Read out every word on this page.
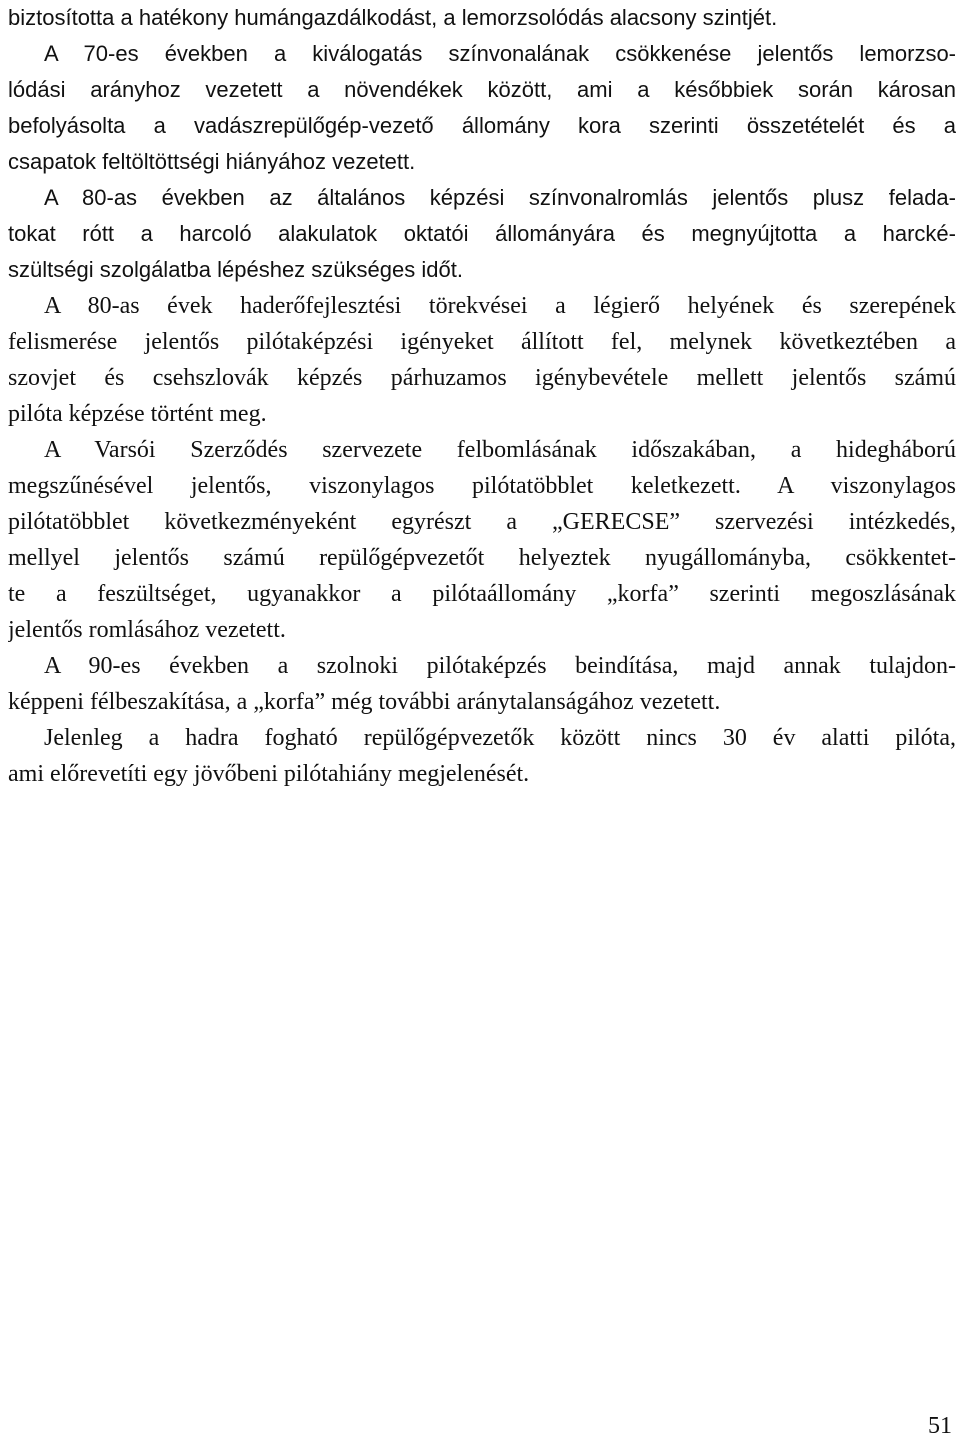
biztosította a hatékony humángazdálkodást, a lemorzsolódás alacsony szintjét.
A 70-es években a kiválogatás színvonalának csökkenése jelentős lemorzso-
lódási arányhoz vezetett a növendékek között, ami a későbbiek során károsan
befolyásolta a vadászrepülőgép-vezető állomány kora szerinti összetételét és a
csapatok feltöltöttségi hiányához vezetett.
A 80-as években az általános képzési színvonalromlás jelentős plusz felada-
tokat rótt a harcoló alakulatok oktatói állományára és megnyújtotta a harcké-
szültségi szolgálatba lépéshez szükséges időt.
A 80-as évek haderőfejlesztési törekvései a légierő helyének és szerepének
felismerése jelentős pilótaképzési igényeket állított fel, melynek következtében a
szovjet és csehszlovák képzés párhuzamos igénybevétele mellett jelentős számú
pilóta képzése történt meg.
A Varsói Szerződés szervezete felbomlásának időszakában, a hidegháború
megszűnésével jelentős, viszonylagos pilótatöbblet keletkezett. A viszonylagos
pilótatöbblet következményeként egyrészt a „GERECSE” szervezési intézkedés,
mellyel jelentős számú repülőgépvezetőt helyeztek nyugállományba, csökkentet-
te a feszültséget, ugyanakkor a pilótaállomány „korfa” szerinti megoszlásának
jelentős romlásához vezetett.
A 90-es években a szolnoki pilótaképzés beindítása, majd annak tulajdon-
képpeni félbeszakítása, a „korfa” még további aránytalanságához vezetett.
Jelenleg a hadra fogható repülőgépvezetők között nincs 30 év alatti pilóta,
ami előrevetíti egy jövőbeni pilótahiány megjelenését.
51
